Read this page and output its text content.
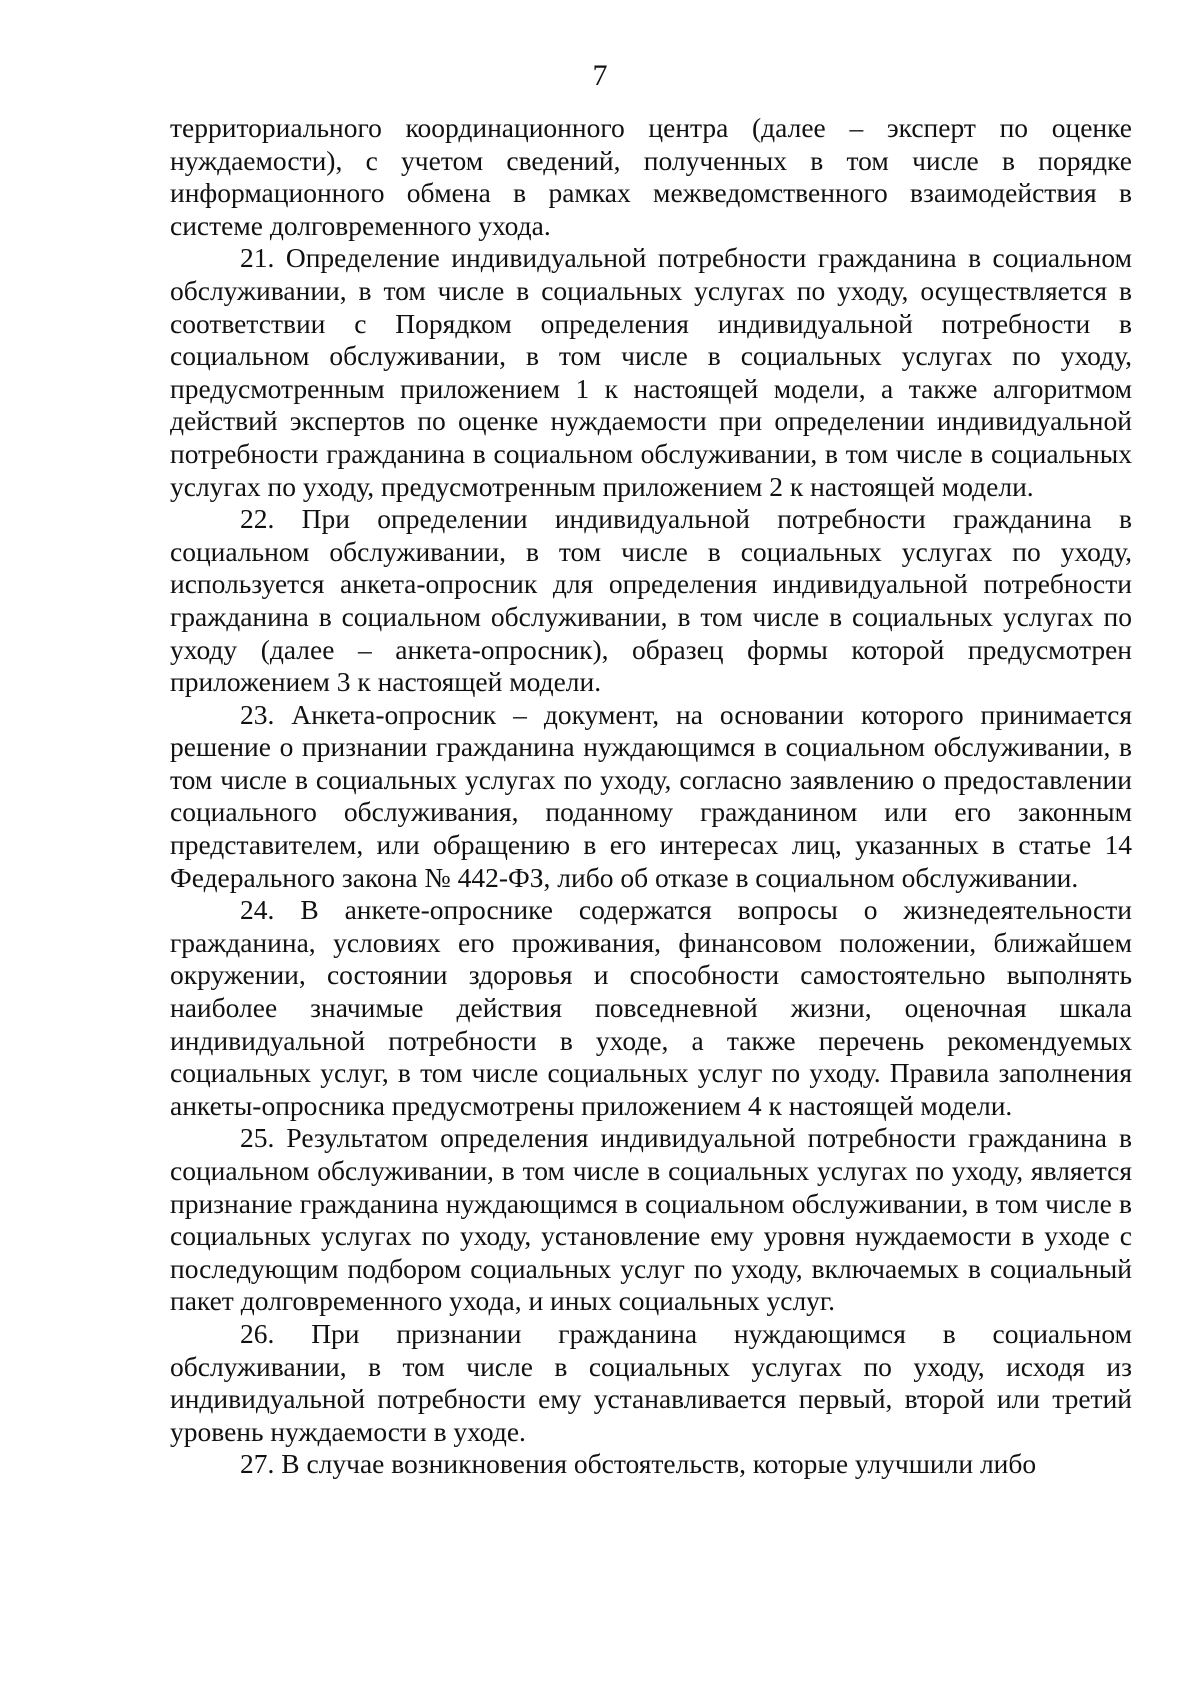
7

территориального координационного центра (далее – эксперт по оценке нуждаемости), с учетом сведений, полученных в том числе в порядке информационного обмена в рамках межведомственного взаимодействия в системе долговременного ухода.

21. Определение индивидуальной потребности гражданина в социальном обслуживании, в том числе в социальных услугах по уходу, осуществляется в соответствии с Порядком определения индивидуальной потребности в социальном обслуживании, в том числе в социальных услугах по уходу, предусмотренным приложением 1 к настоящей модели, а также алгоритмом действий экспертов по оценке нуждаемости при определении индивидуальной потребности гражданина в социальном обслуживании, в том числе в социальных услугах по уходу, предусмотренным приложением 2 к настоящей модели.

22. При определении индивидуальной потребности гражданина в социальном обслуживании, в том числе в социальных услугах по уходу, используется анкета-опросник для определения индивидуальной потребности гражданина в социальном обслуживании, в том числе в социальных услугах по уходу (далее – анкета-опросник), образец формы которой предусмотрен приложением 3 к настоящей модели.

23. Анкета-опросник – документ, на основании которого принимается решение о признании гражданина нуждающимся в социальном обслуживании, в том числе в социальных услугах по уходу, согласно заявлению о предоставлении социального обслуживания, поданному гражданином или его законным представителем, или обращению в его интересах лиц, указанных в статье 14 Федерального закона № 442-ФЗ, либо об отказе в социальном обслуживании.

24. В анкете-опроснике содержатся вопросы о жизнедеятельности гражданина, условиях его проживания, финансовом положении, ближайшем окружении, состоянии здоровья и способности самостоятельно выполнять наиболее значимые действия повседневной жизни, оценочная шкала индивидуальной потребности в уходе, а также перечень рекомендуемых социальных услуг, в том числе социальных услуг по уходу. Правила заполнения анкеты-опросника предусмотрены приложением 4 к настоящей модели.

25. Результатом определения индивидуальной потребности гражданина в социальном обслуживании, в том числе в социальных услугах по уходу, является признание гражданина нуждающимся в социальном обслуживании, в том числе в социальных услугах по уходу, установление ему уровня нуждаемости в уходе с последующим подбором социальных услуг по уходу, включаемых в социальный пакет долговременного ухода, и иных социальных услуг.

26. При признании гражданина нуждающимся в социальном обслуживании, в том числе в социальных услугах по уходу, исходя из индивидуальной потребности ему устанавливается первый, второй или третий уровень нуждаемости в уходе.

27. В случае возникновения обстоятельств, которые улучшили либо
